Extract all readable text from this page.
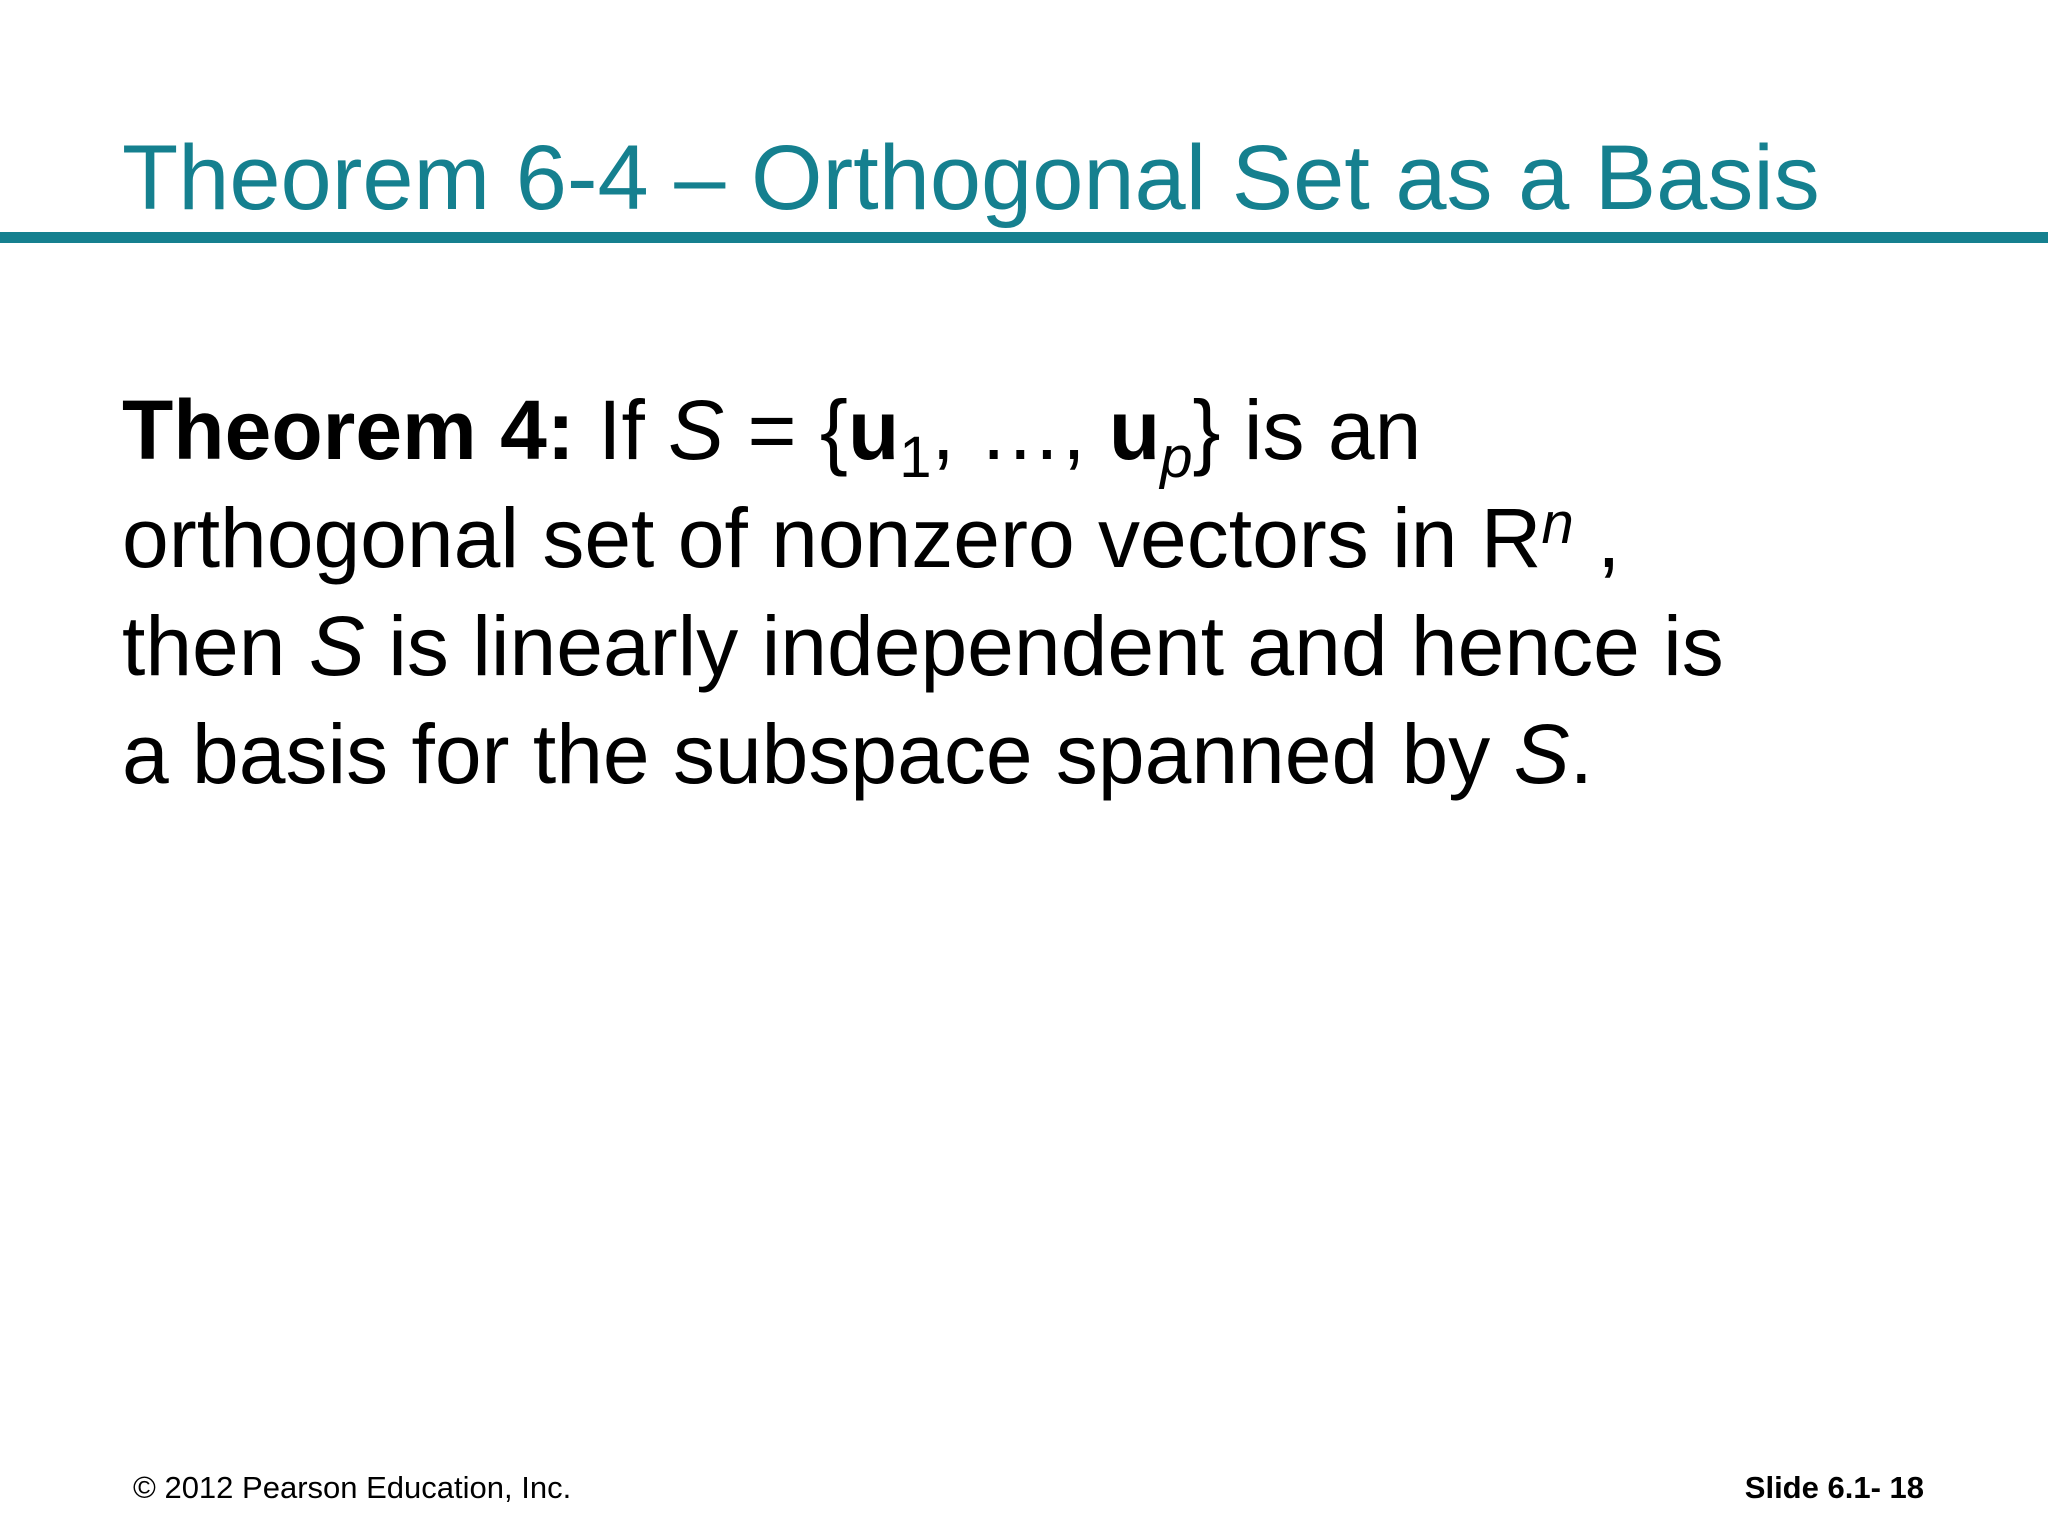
Theorem 6-4 – Orthogonal Set as a Basis
Theorem 4: If $S = \{u_1$, …, $u_p$} is an
orthogonal set of nonzero vectors in $R^n$ ,
then S is linearly independent and hence is
a basis for the subspace spanned by S.
© 2012 Pearson Education, Inc.	Slide 6.1- 18
